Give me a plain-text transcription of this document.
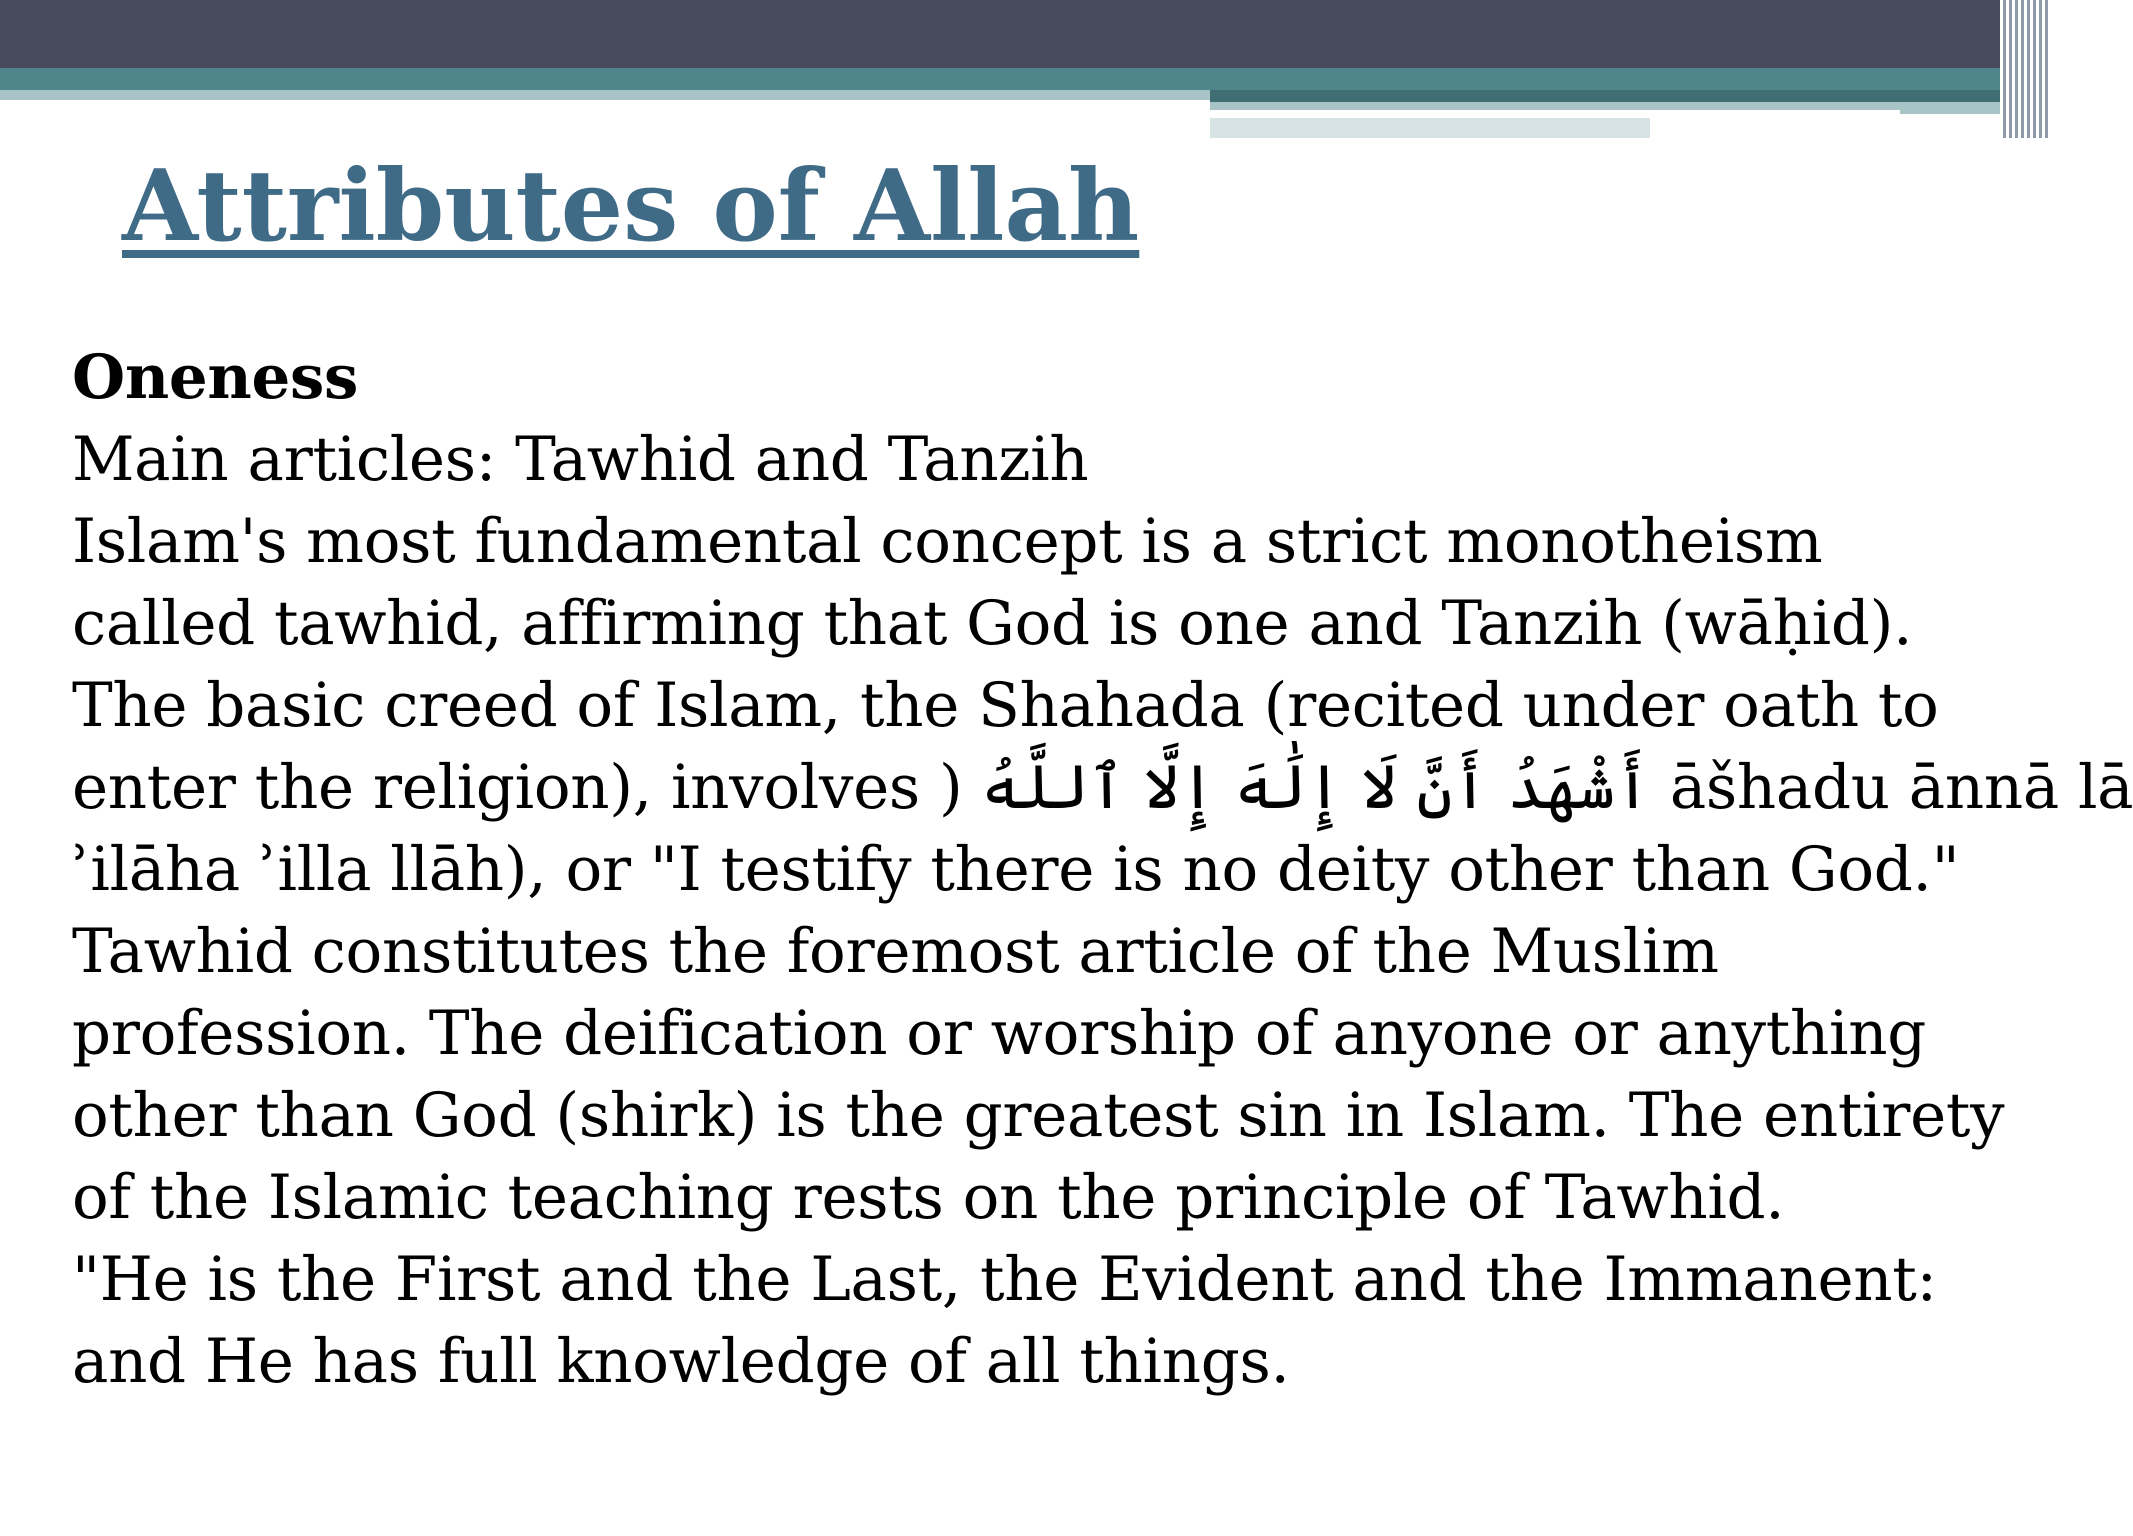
Attributes of Allah
Oneness
Main articles: Tawhid and Tanzih
Islam's most fundamental concept is a strict monotheism
called tawhid, affirming that God is one and Tanzih (wāḥid).
The basic creed of Islam, the Shahada (recited under oath to
enter the religion), involves ) أَشْهَدُ أَنَّ لَا إِلَٰهَ إِلَّا ٱللَّهُ āšhadu ānnā lā
ʾilāha ʾilla llāh), or "I testify there is no deity other than God."
Tawhid constitutes the foremost article of the Muslim
profession. The deification or worship of anyone or anything
other than God (shirk) is the greatest sin in Islam. The entirety
of the Islamic teaching rests on the principle of Tawhid.
"He is the First and the Last, the Evident and the Immanent:
and He has full knowledge of all things.
